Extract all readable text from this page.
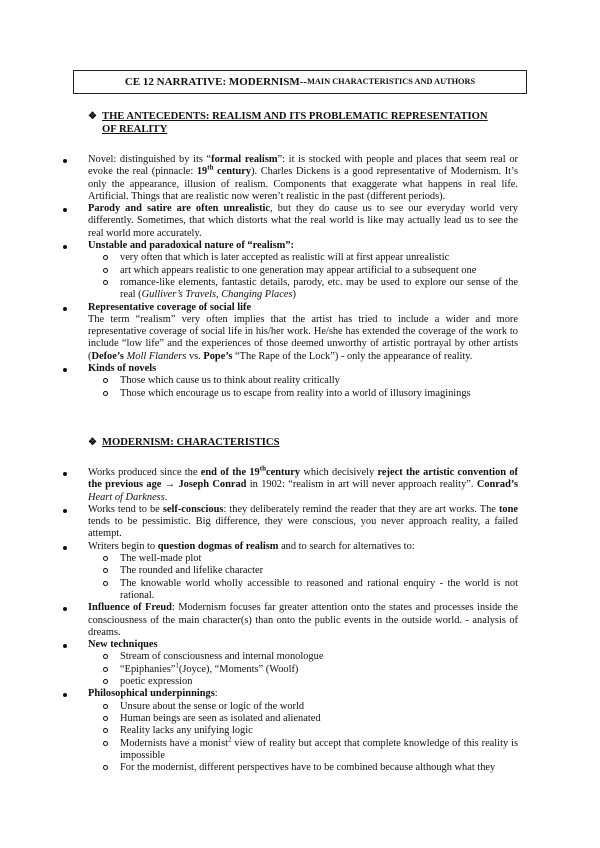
CE 12 NARRATIVE: MODERNISM-- MAIN CHARACTERISTICS AND AUTHORS
❖ THE ANTECEDENTS: REALISM AND ITS PROBLEMATIC REPRESENTATION
OF REALITY

Novel: distinguished by its “formal realism”: it is stocked with people and places that seem real or evoke the real (pinnacle: 19th century). Charles Dickens is a good representative of Modernism. It’s only the appearance, illusion of realism. Components that exaggerate what happens in real life. Artificial. Things that are realistic now weren’t realistic in the past (different periods).

Parody and satire are often unrealistic, but they do cause us to see our everyday world very differently. Sometimes, that which distorts what the real world is like may actually lead us to see the real world more accurately.

Unstable and paradoxical nature of “realism”:

very often that which is later accepted as realistic will at first appear unrealistic

art which appears realistic to one generation may appear artificial to a subsequent one

romance-like elements, fantastic details, parody, etc. may be used to explore our sense of the real (Gulliver’s Travels, Changing Places)

Representative coverage of social life

The term “realism” very often implies that the artist has tried to include a wider and more representative coverage of social life in his/her work. He/she has extended the coverage of the work to include “low life” and the experiences of those deemed unworthy of artistic portrayal by other artists (Defoe’s Moll Flanders vs. Pope’s “The Rape of the Lock”) - only the appearance of reality.

Kinds of novels

Those which cause us to think about reality critically

Those which encourage us to escape from reality into a world of illusory imaginings

❖ MODERNISM: CHARACTERISTICS

Works produced since the end of the 19thcentury which decisively reject the artistic convention of the previous age → Joseph Conrad in 1902: “realism in art will never approach reality”. Conrad’s Heart of Darkness.

Works tend to be self-conscious: they deliberately remind the reader that they are art works. The tone tends to be pessimistic. Big difference, they were conscious, you never approach reality, a failed attempt.

Writers begin to question dogmas of realism and to search for alternatives to:

The well-made plot

The rounded and lifelike character

The knowable world wholly accessible to reasoned and rational enquiry - the world is not rational.

Influence of Freud: Modernism focuses far greater attention onto the states and processes inside the consciousness of the main character(s) than onto the public events in the outside world. - analysis of dreams.

New techniques

Stream of consciousness and internal monologue

“Epiphanies”$^1$(Joyce), “Moments” (Woolf)

poetic expression

Philosophical underpinnings:

Unsure about the sense or logic of the world

Human beings are seen as isolated and alienated

Reality lacks any unifying logic

Modernists have a monist$^2$ view of reality but accept that complete knowledge of this reality is impossible

For the modernist, different perspectives have to be combined because although what they
